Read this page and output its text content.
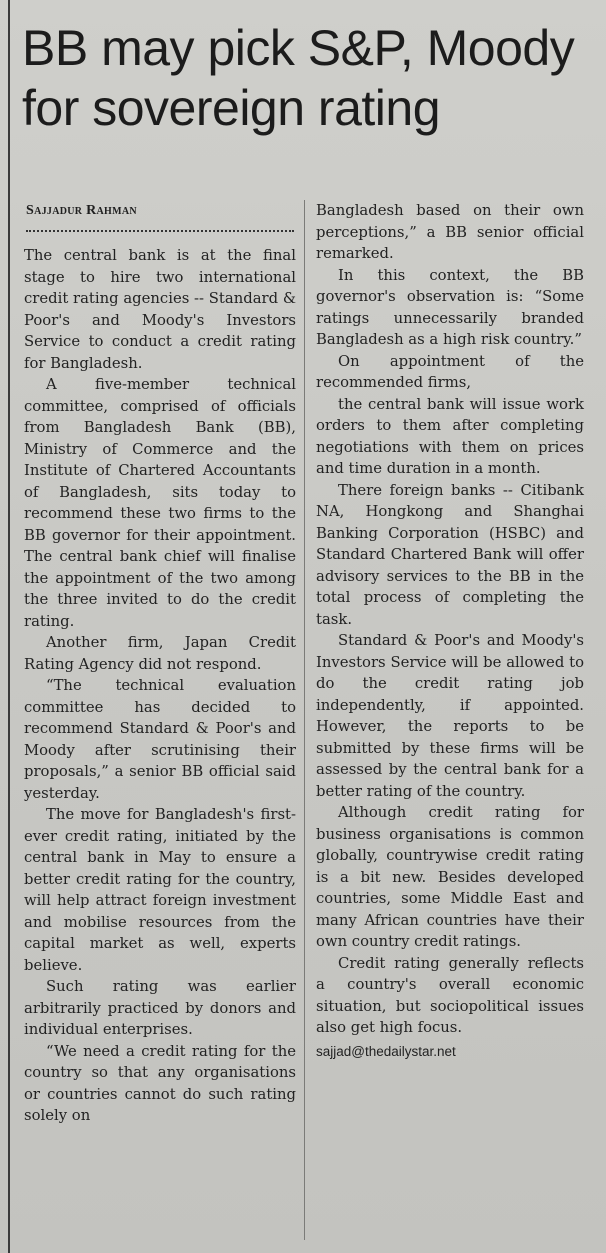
BB may pick S&P, Moody
for sovereign rating
Sajjadur Rahman

The central bank is at the final stage to hire two international credit rating agencies -- Standard & Poor's and Moody's Investors Service to conduct a credit rating for Bangladesh.

A five-member technical committee, comprised of officials from Bangladesh Bank (BB), Ministry of Commerce and the Institute of Chartered Accountants of Bangladesh, sits today to recommend these two firms to the BB governor for their appointment. The central bank chief will finalise the appointment of the two among the three invited to do the credit rating.

Another firm, Japan Credit Rating Agency did not respond.

“The technical evaluation committee has decided to recommend Standard & Poor's and Moody after scrutinising their proposals,” a senior BB official said yesterday.

The move for Bangladesh's first-ever credit rating, initiated by the central bank in May to ensure a better credit rating for the country, will help attract foreign investment and mobilise resources from the capital market as well, experts believe.

Such rating was earlier arbitrarily practiced by donors and individual enterprises.

“We need a credit rating for the country so that any organisations or countries cannot do such rating solely on

Bangladesh based on their own perceptions,” a BB senior official remarked.

In this context, the BB governor's observation is: “Some ratings unnecessarily branded Bangladesh as a high risk country.”

On appointment of the recommended firms,

the central bank will issue work orders to them after completing negotiations with them on prices and time duration in a month.

There foreign banks -- Citibank NA, Hongkong and Shanghai Banking Corporation (HSBC) and Standard Chartered Bank will offer advisory services to the BB in the total process of completing the task.

Standard & Poor's and Moody's Investors Service will be allowed to do the credit rating job independently, if appointed. However, the reports to be submitted by these firms will be assessed by the central bank for a better rating of the country.

Although credit rating for business organisations is common globally, countrywise credit rating is a bit new. Besides developed countries, some Middle East and many African countries have their own country credit ratings.

Credit rating generally reflects a country's overall economic situation, but sociopolitical issues also get high focus.

sajjad@thedailystar.net
